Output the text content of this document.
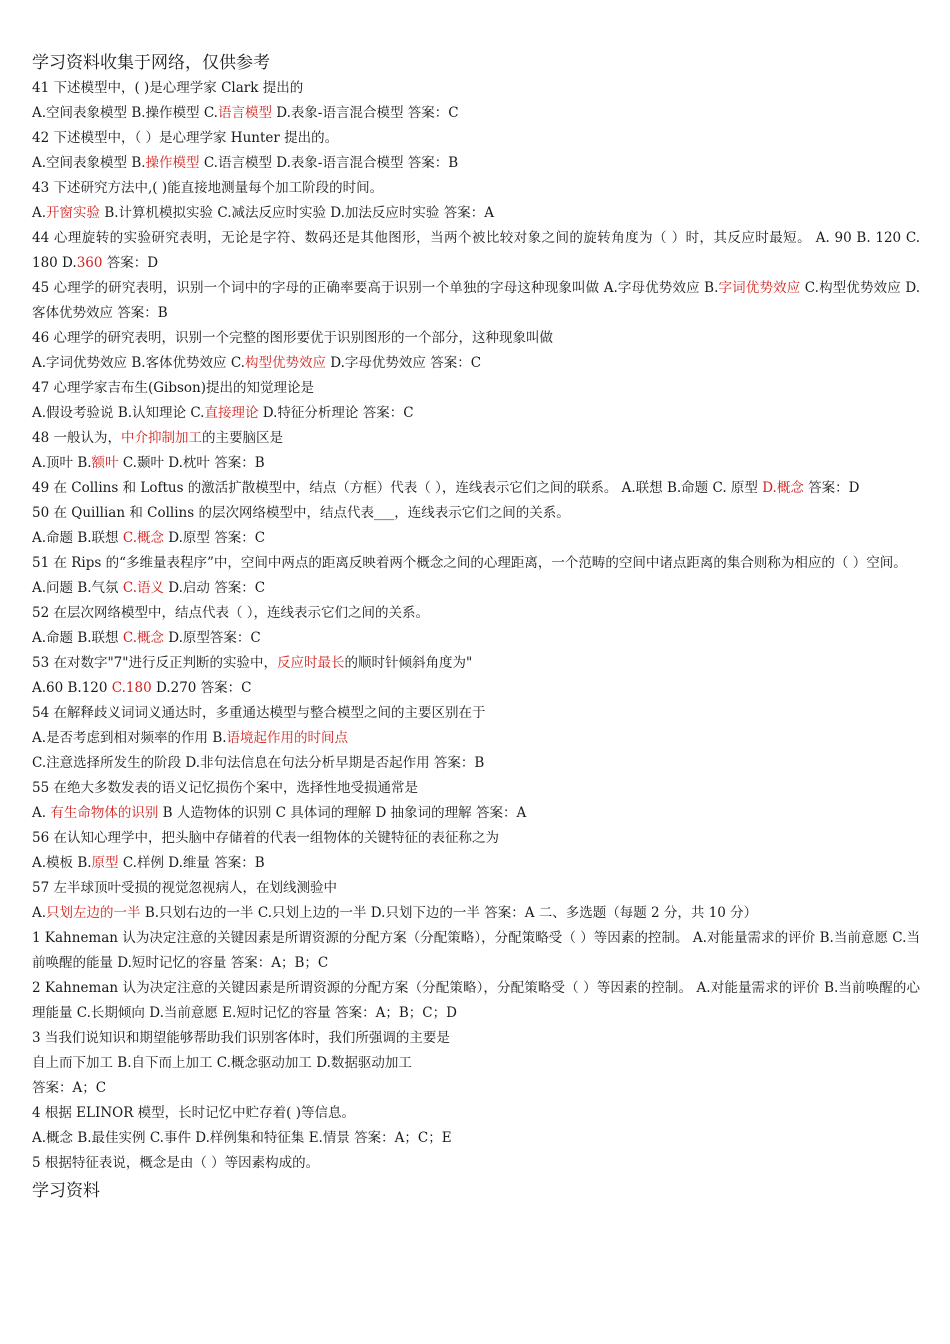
学习资料收集于网络，仅供参考
41 下述模型中，( )是心理学家 Clark 提出的
A.空间表象模型 B.操作模型 C.语言模型 D.表象-语言混合模型 答案：C
42 下述模型中，（ ）是心理学家 Hunter 提出的。
A.空间表象模型 B.操作模型 C.语言模型 D.表象-语言混合模型 答案：B
43 下述研究方法中,( )能直接地测量每个加工阶段的时间。
A.开窗实验 B.计算机模拟实验 C.减法反应时实验 D.加法反应时实验 答案：A
44 心理旋转的实验研究表明，无论是字符、数码还是其他图形，当两个被比较对象之间的旋转角度为（ ）时，其反应时最短。 A. 90 B. 120 C. 180 D.360 答案：D
45 心理学的研究表明，识别一个词中的字母的正确率要高于识别一个单独的字母这种现象叫做 A.字母优势效应 B.字词优势效应 C.构型优势效应 D.客体优势效应 答案：B
46 心理学的研究表明，识别一个完整的图形要优于识别图形的一个部分，这种现象叫做
A.字词优势效应 B.客体优势效应 C.构型优势效应 D.字母优势效应 答案：C
47 心理学家吉布生(Gibson)提出的知觉理论是
A.假设考验说 B.认知理论 C.直接理论 D.特征分析理论 答案：C
48 一般认为，中介抑制加工的主要脑区是
A.顶叶 B.额叶 C.颞叶 D.枕叶 答案：B
49 在 Collins 和 Loftus 的激活扩散模型中，结点（方框）代表（ ），连线表示它们之间的联系。 A.联想 B.命题 C. 原型 D.概念 答案：D
50 在 Quillian 和 Collins 的层次网络模型中，结点代表___，连线表示它们之间的关系。
A.命题 B.联想 C.概念 D.原型 答案：C
51 在 Rips 的“多维量表程序”中，空间中两点的距离反映着两个概念之间的心理距离，一个范畴的空间中诸点距离的集合则称为相应的（ ）空间。
A.问题 B.气氛 C.语义 D.启动 答案：C
52 在层次网络模型中，结点代表（ ），连线表示它们之间的关系。
A.命题 B.联想 C.概念 D.原型答案：C
53 在对数字"7"进行反正判断的实验中，反应时最长的顺时针倾斜角度为"
A.60 B.120 C.180 D.270 答案：C
54 在解释歧义词词义通达时，多重通达模型与整合模型之间的主要区别在于
A.是否考虑到相对频率的作用 B.语境起作用的时间点
C.注意选择所发生的阶段 D.非句法信息在句法分析早期是否起作用 答案：B
55 在绝大多数发表的语义记忆损伤个案中，选择性地受损通常是
A. 有生命物体的识别 B 人造物体的识别 C 具体词的理解 D 抽象词的理解 答案：A
56 在认知心理学中，把头脑中存储着的代表一组物体的关键特征的表征称之为
A.模板 B.原型 C.样例 D.维量 答案：B
57 左半球顶叶受损的视觉忽视病人，在划线测验中
A.只划左边的一半 B.只划右边的一半 C.只划上边的一半 D.只划下边的一半 答案：A 二、多选题（每题 2 分，共 10 分）
1 Kahneman 认为决定注意的关键因素是所谓资源的分配方案（分配策略），分配策略受（ ）等因素的控制。 A.对能量需求的评价 B.当前意愿 C.当前唤醒的能量 D.短时记忆的容量 答案：A；B；C
2 Kahneman 认为决定注意的关键因素是所谓资源的分配方案（分配策略），分配策略受（ ）等因素的控制。 A.对能量需求的评价 B.当前唤醒的心理能量 C.长期倾向 D.当前意愿 E.短时记忆的容量 答案：A；B；C；D
3 当我们说知识和期望能够帮助我们识别客体时，我们所强调的主要是
自上而下加工 B.自下而上加工 C.概念驱动加工 D.数据驱动加工
答案：A；C
4 根据 ELINOR 模型，长时记忆中贮存着( )等信息。
A.概念 B.最佳实例 C.事件 D.样例集和特征集 E.情景 答案：A；C；E
5 根据特征表说，概念是由（ ）等因素构成的。
学习资料
